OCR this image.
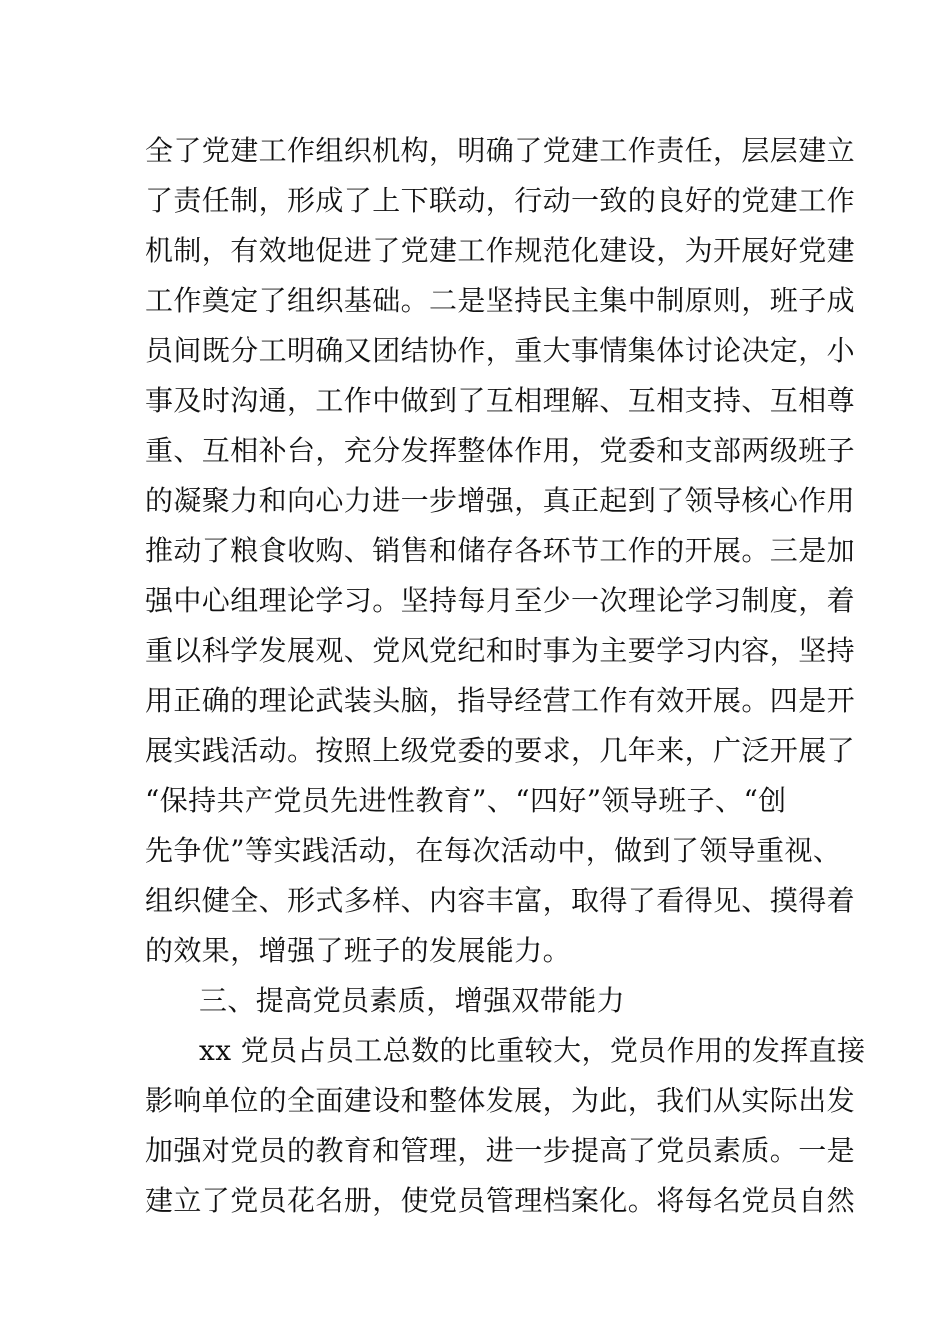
全了党建工作组织机构，明确了党建工作责任，层层建立
了责任制，形成了上下联动，行动一致的良好的党建工作
机制，有效地促进了党建工作规范化建设，为开展好党建
工作奠定了组织基础。二是坚持民主集中制原则，班子成
员间既分工明确又团结协作，重大事情集体讨论决定，小
事及时沟通，工作中做到了互相理解、互相支持、互相尊
重、互相补台，充分发挥整体作用，党委和支部两级班子
的凝聚力和向心力进一步增强，真正起到了领导核心作用
推动了粮食收购、销售和储存各环节工作的开展。三是加
强中心组理论学习。坚持每月至少一次理论学习制度，着
重以科学发展观、党风党纪和时事为主要学习内容，坚持
用正确的理论武装头脑，指导经营工作有效开展。四是开
展实践活动。按照上级党委的要求，几年来，广泛开展了
“保持共产党员先进性教育”、“四好”领导班子、“创
先争优”等实践活动，在每次活动中，做到了领导重视、
组织健全、形式多样、内容丰富，取得了看得见、摸得着
的效果，增强了班子的发展能力。
三、提高党员素质，增强双带能力
xx 党员占员工总数的比重较大，党员作用的发挥直接
影响单位的全面建设和整体发展，为此，我们从实际出发
加强对党员的教育和管理，进一步提高了党员素质。一是
建立了党员花名册，使党员管理档案化。将每名党员自然
